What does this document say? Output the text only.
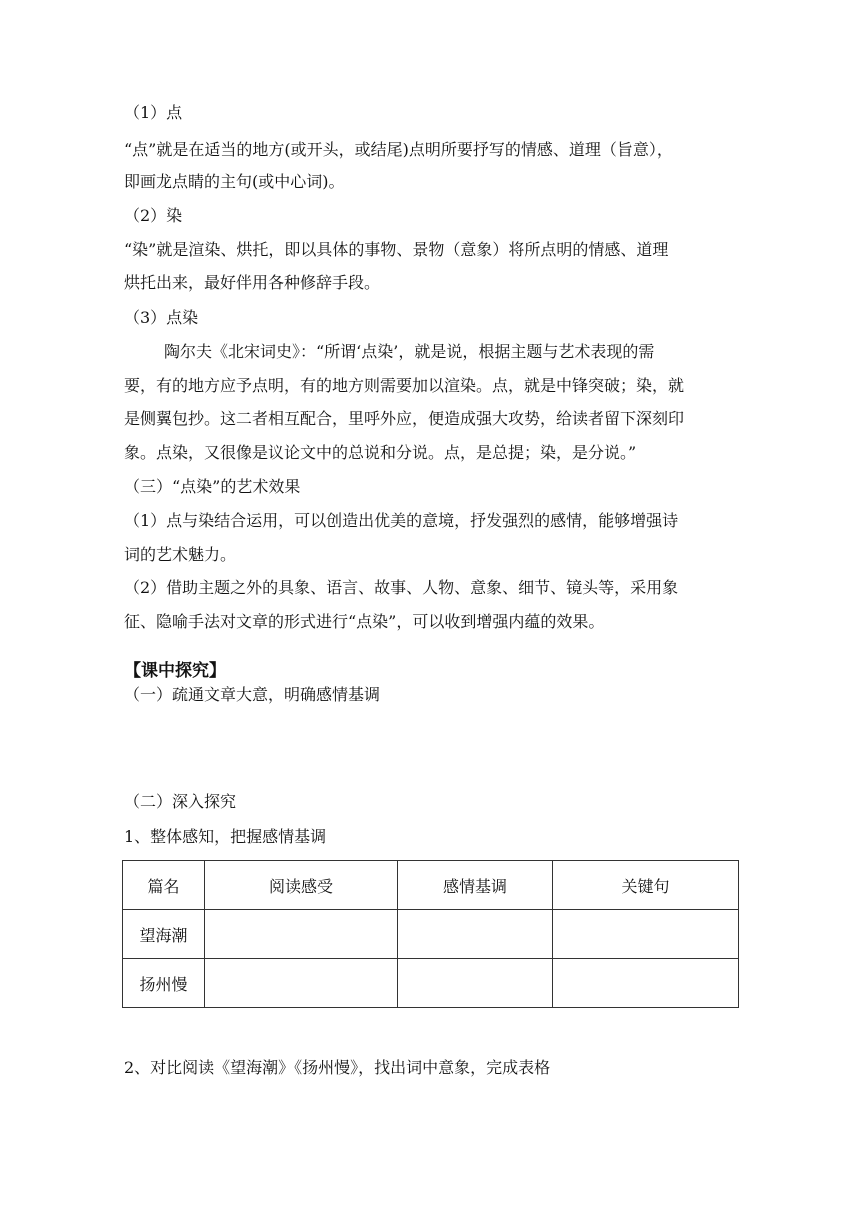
（1）点
“点”就是在适当的地方(或开头，或结尾)点明所要抒写的情感、道理（旨意），
即画龙点睛的主句(或中心词)。
（2）染
“染”就是渲染、烘托，即以具体的事物、景物（意象）将所点明的情感、道理
烘托出来，最好伴用各种修辞手段。
（3）点染
陶尔夫《北宋词史》：“所谓‘点染’，就是说，根据主题与艺术表现的需
要，有的地方应予点明，有的地方则需要加以渲染。点，就是中锋突破；染，就
是侧翼包抄。这二者相互配合，里呼外应，便造成强大攻势，给读者留下深刻印
象。点染，又很像是议论文中的总说和分说。点，是总提；染，是分说。”
（三）“点染”的艺术效果
（1）点与染结合运用，可以创造出优美的意境，抒发强烈的感情，能够增强诗
词的艺术魅力。
（2）借助主题之外的具象、语言、故事、人物、意象、细节、镜头等，采用象
征、隐喻手法对文章的形式进行“点染”，可以收到增强内蕴的效果。
【课中探究】
（一）疏通文章大意，明确感情基调
（二）深入探究
1、整体感知，把握感情基调
篇名	阅读感受	感情基调	关键句
望海潮			
扬州慢			
2、对比阅读《望海潮》《扬州慢》，找出词中意象，完成表格
